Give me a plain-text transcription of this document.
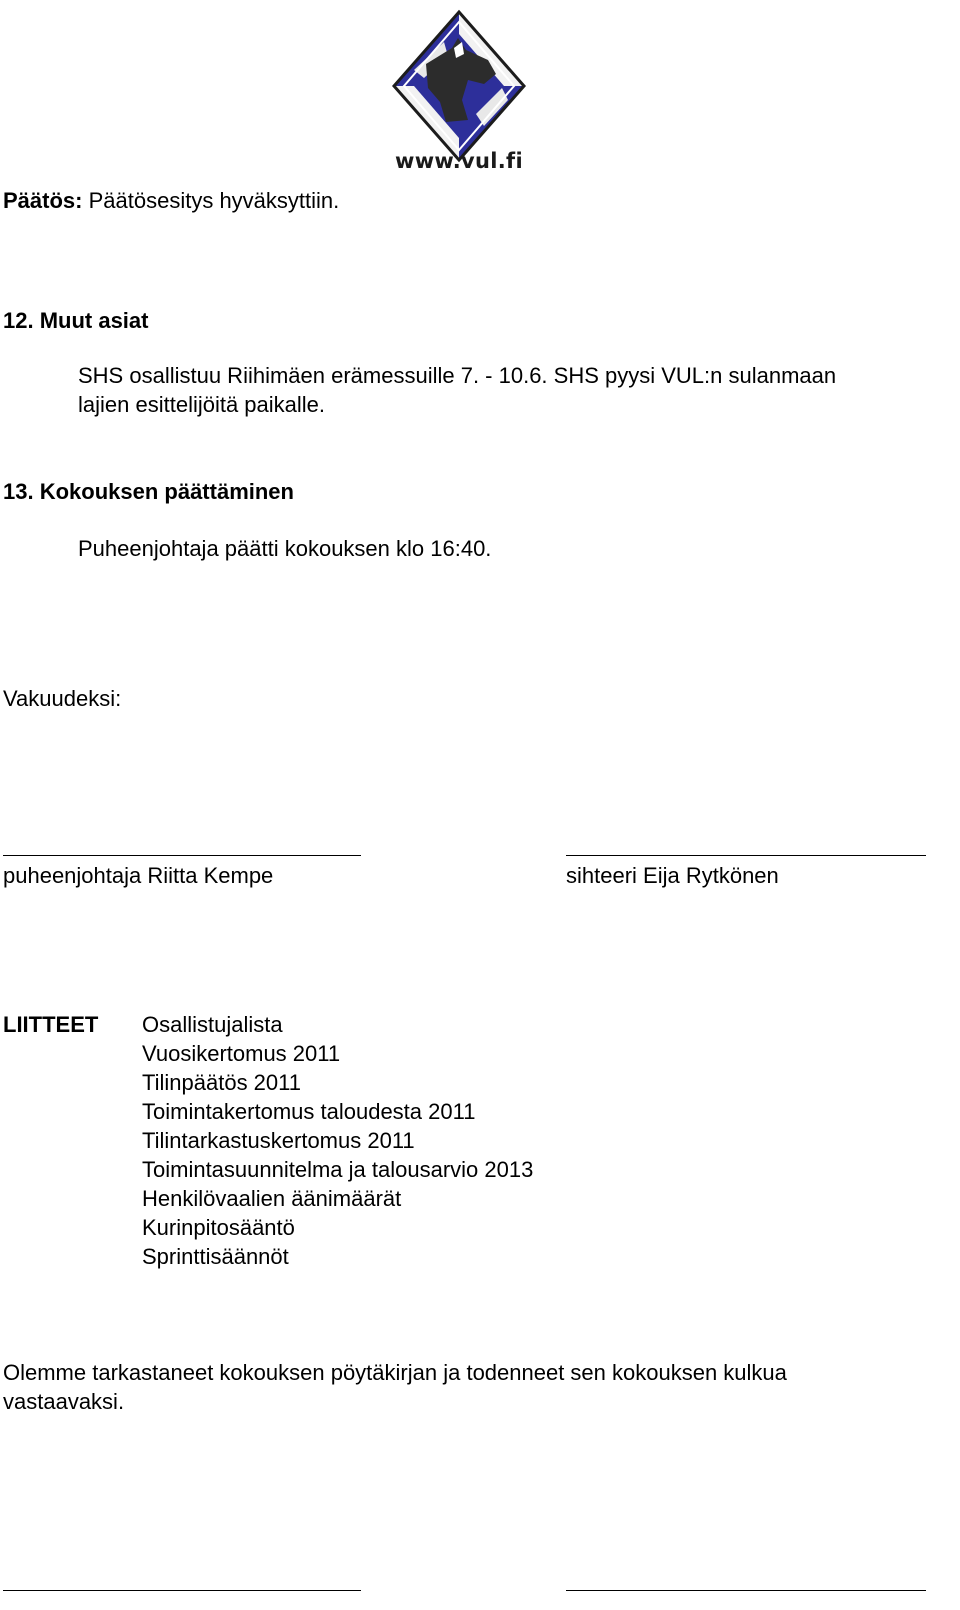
www.vul.fi
Päätös: Päätösesitys hyväksyttiin.
12. Muut asiat
SHS osallistuu Riihimäen erämessuille 7. - 10.6. SHS pyysi VUL:n sulanmaan
lajien esittelijöitä paikalle.
13. Kokouksen päättäminen
Puheenjohtaja päätti kokouksen klo 16:40.
Vakuudeksi:
puheenjohtaja Riitta Kempe	sihteeri Eija Rytkönen
LIITTEET Osallistujalista
Vuosikertomus 2011
Tilinpäätös 2011
Toimintakertomus taloudesta 2011
Tilintarkastuskertomus 2011
Toimintasuunnitelma ja talousarvio 2013
Henkilövaalien äänimäärät
Kurinpitosääntö
Sprinttisäännöt
Olemme tarkastaneet kokouksen pöytäkirjan ja todenneet sen kokouksen kulkua
vastaavaksi.
